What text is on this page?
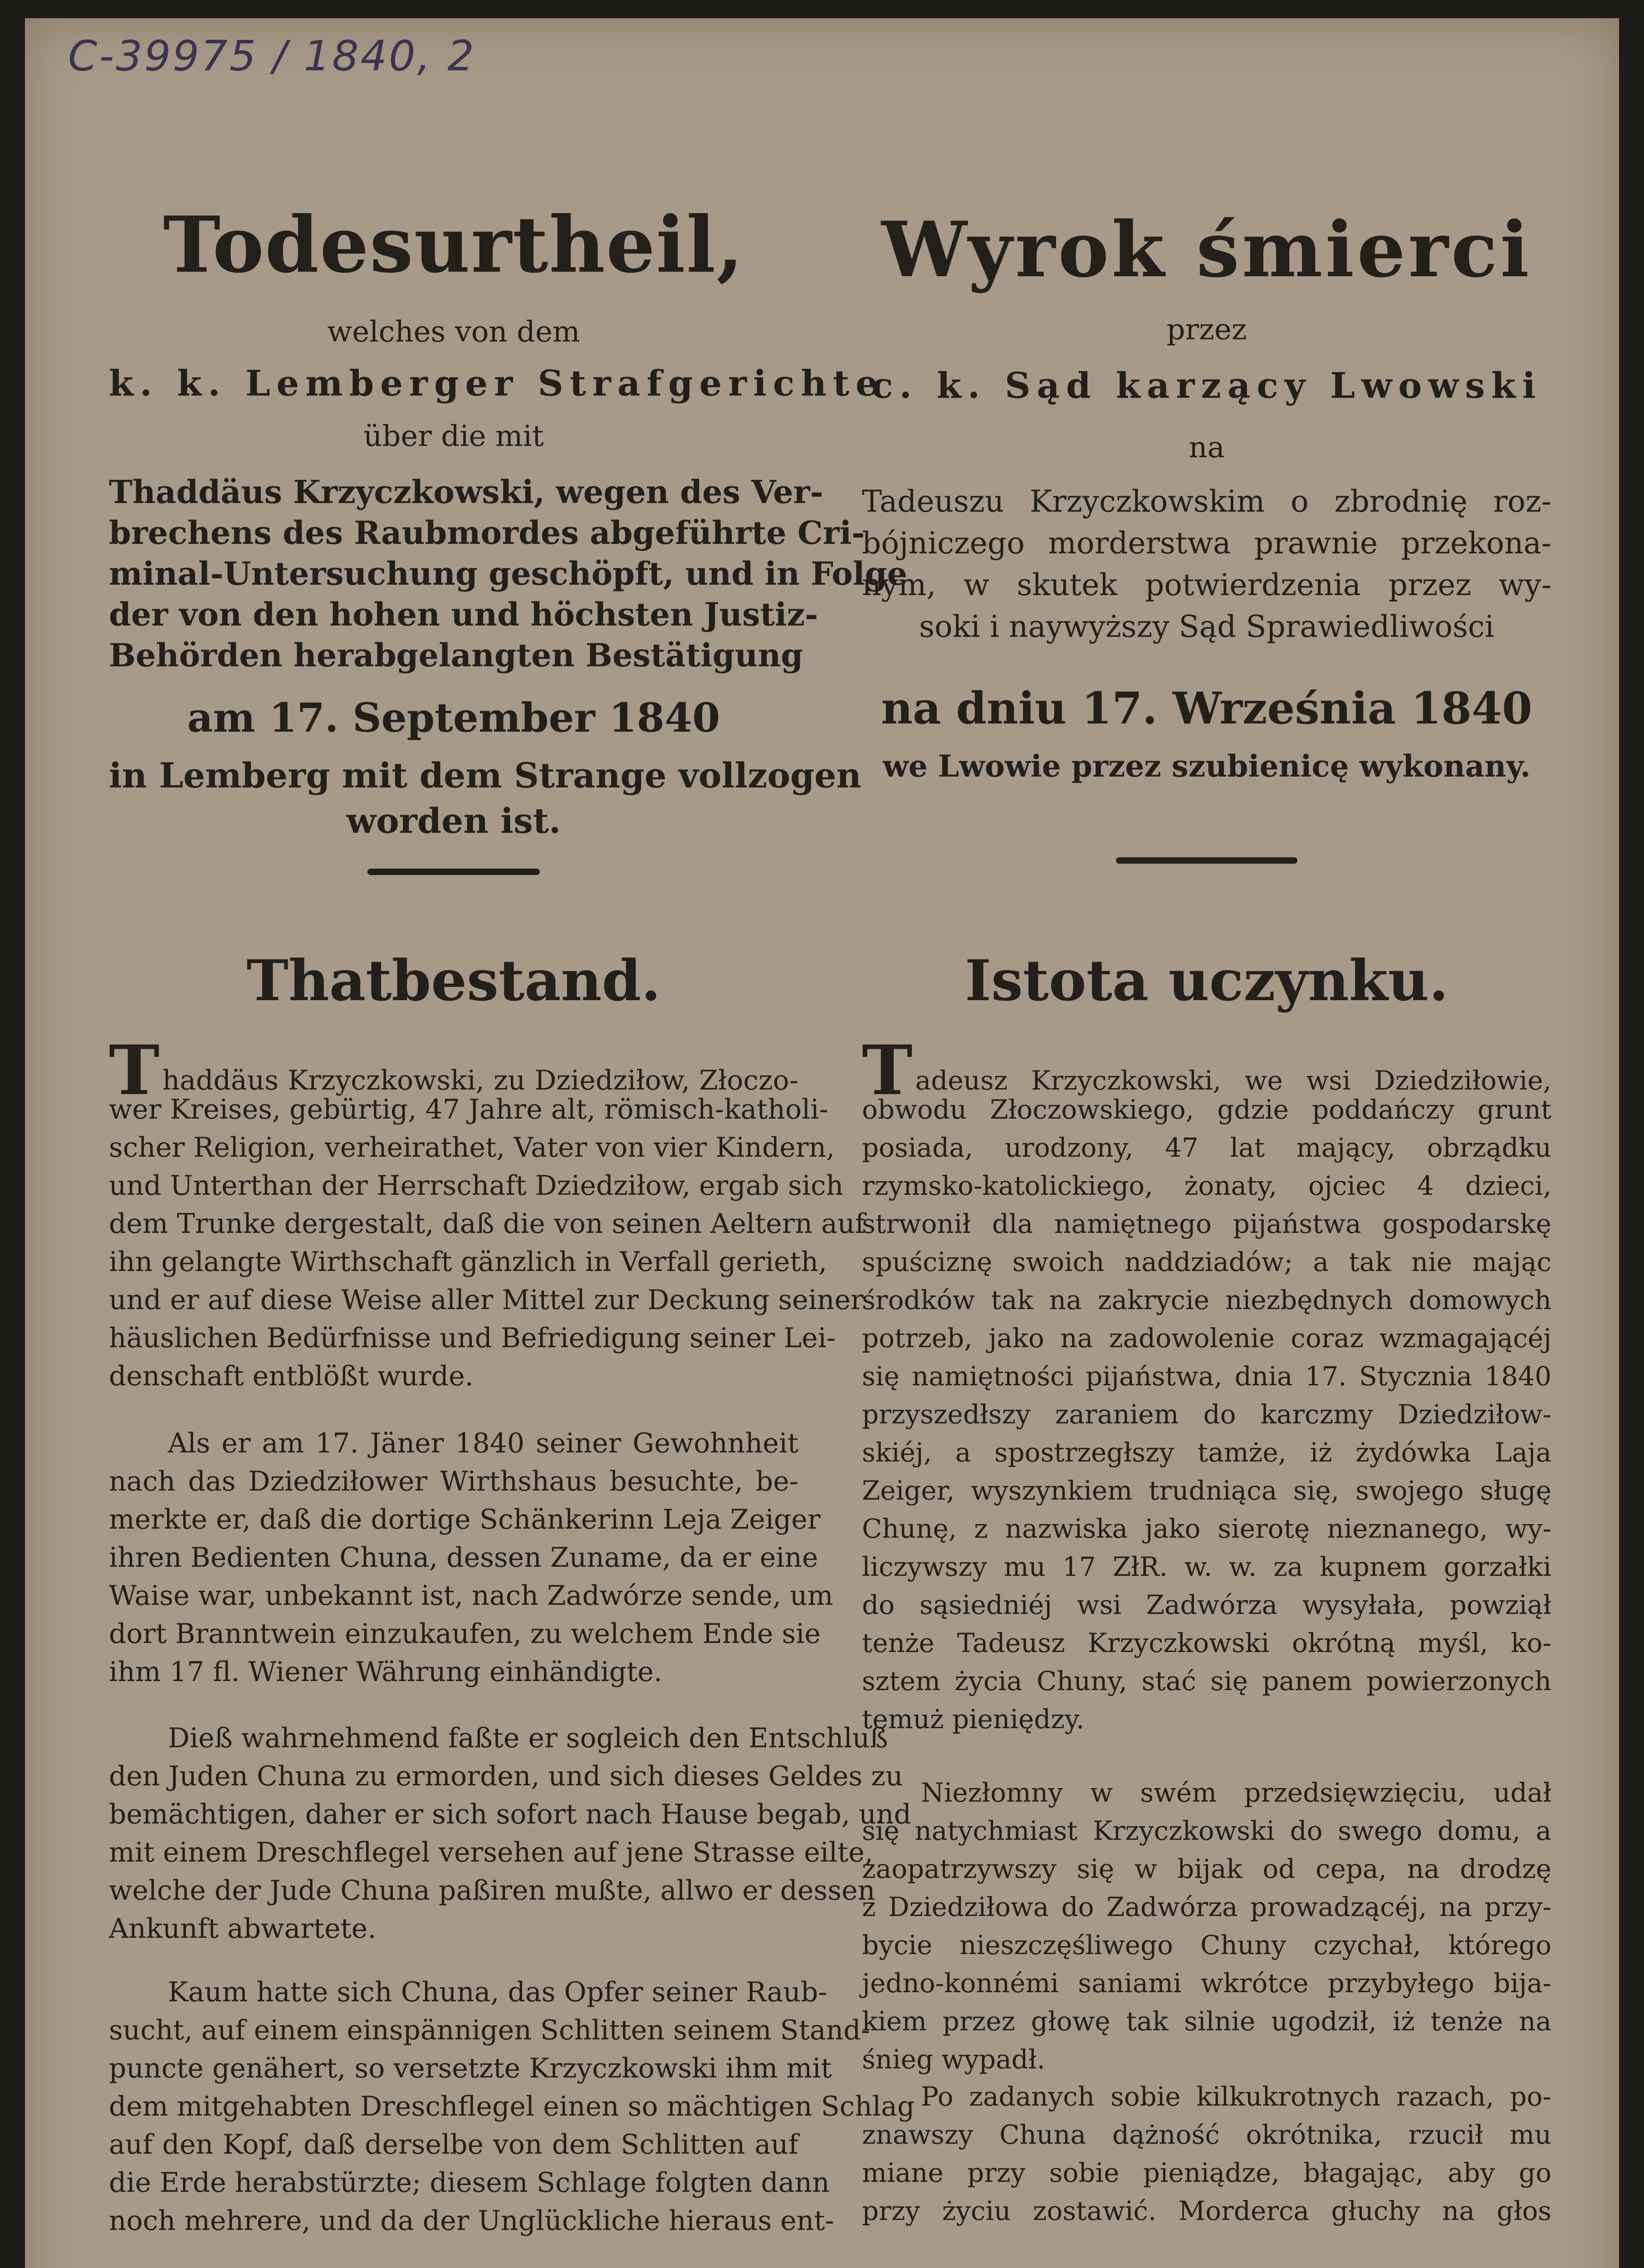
C-39975 / 1840, 2
Todesurtheil,
welches von dem
k. k. Lemberger Strafgerichte
über die mit
Thaddäus Krzyczkowski, wegen des Ver-
brechens des Raubmordes abgeführte Cri-
minal-Untersuchung geschöpft, und in Folge
der von den hohen und höchsten Justiz-
Behörden herabgelangten Bestätigung
am 17. September 1840
in Lemberg mit dem Strange vollzogen
worden ist.
Thatbestand.
Thaddäus Krzyczkowski, zu Dziedziłow, Złoczo-
wer Kreises, gebürtig, 47 Jahre alt, römisch-katholi-
scher Religion, verheirathet, Vater von vier Kindern,
und Unterthan der Herrschaft Dziedziłow, ergab sich
dem Trunke dergestalt, daß die von seinen Aeltern auf
ihn gelangte Wirthschaft gänzlich in Verfall gerieth,
und er auf diese Weise aller Mittel zur Deckung seiner
häuslichen Bedürfnisse und Befriedigung seiner Lei-
denschaft entblößt wurde.
Als er am 17. Jäner 1840 seiner Gewohnheit
nach das Dziedziłower Wirthshaus besuchte, be-
merkte er, daß die dortige Schänkerinn Leja Zeiger
ihren Bedienten Chuna, dessen Zuname, da er eine
Waise war, unbekannt ist, nach Zadwórze sende, um
dort Branntwein einzukaufen, zu welchem Ende sie
ihm 17 fl. Wiener Währung einhändigte.
Dieß wahrnehmend faßte er sogleich den Entschluß
den Juden Chuna zu ermorden, und sich dieses Geldes zu
bemächtigen, daher er sich sofort nach Hause begab, und
mit einem Dreschflegel versehen auf jene Strasse eilte,
welche der Jude Chuna paßiren mußte, allwo er dessen
Ankunft abwartete.
Kaum hatte sich Chuna, das Opfer seiner Raub-
sucht, auf einem einspännigen Schlitten seinem Stand-
puncte genähert, so versetzte Krzyczkowski ihm mit
dem mitgehabten Dreschflegel einen so mächtigen Schlag
auf den Kopf, daß derselbe von dem Schlitten auf
die Erde herabstürzte; diesem Schlage folgten dann
noch mehrere, und da der Unglückliche hieraus ent-
Wyrok śmierci
przez
c. k. Sąd karzący Lwowski
na
Tadeuszu Krzyczkowskim o zbrodnię roz-
bójniczego morderstwa prawnie przekona-
nym, w skutek potwierdzenia przez wy-
soki i naywyższy Sąd Sprawiedliwości
na dniu 17. Września 1840
we Lwowie przez szubienicę wykonany.
Istota uczynku.
Tadeusz Krzyczkowski, we wsi Dziedziłowie,
obwodu Złoczowskiego, gdzie poddańczy grunt
posiada, urodzony, 47 lat mający, obrządku
rzymsko-katolickiego, żonaty, ojciec 4 dzieci,
strwonił dla namiętnego pijaństwa gospodarskę
spuściznę swoich naddziadów; a tak nie mając
środków tak na zakrycie niezbędnych domowych
potrzeb, jako na zadowolenie coraz wzmagającéj
się namiętności pijaństwa, dnia 17. Stycznia 1840
przyszedłszy zaraniem do karczmy Dziedziłow-
skiéj, a spostrzegłszy tamże, iż żydówka Laja
Zeiger, wyszynkiem trudniąca się, swojego sługę
Chunę, z nazwiska jako sierotę nieznanego, wy-
liczywszy mu 17 ZłR. w. w. za kupnem gorzałki
do sąsiedniéj wsi Zadwórza wysyłała, powziął
tenże Tadeusz Krzyczkowski okrótną myśl, ko-
sztem życia Chuny, stać się panem powierzonych
temuż pieniędzy.
Niezłomny w swém przedsięwzięciu, udał
się natychmiast Krzyczkowski do swego domu, a
zaopatrzywszy się w bijak od cepa, na drodzę
z Dziedziłowa do Zadwórza prowadzącéj, na przy-
bycie nieszczęśliwego Chuny czychał, którego
jedno-konnémi saniami wkrótce przybyłego bija-
kiem przez głowę tak silnie ugodził, iż tenże na
śnieg wypadł.
Po zadanych sobie kilkukrotnych razach, po-
znawszy Chuna dążność okrótnika, rzucił mu
miane przy sobie pieniądze, błagając, aby go
przy życiu zostawić. Morderca głuchy na głos
